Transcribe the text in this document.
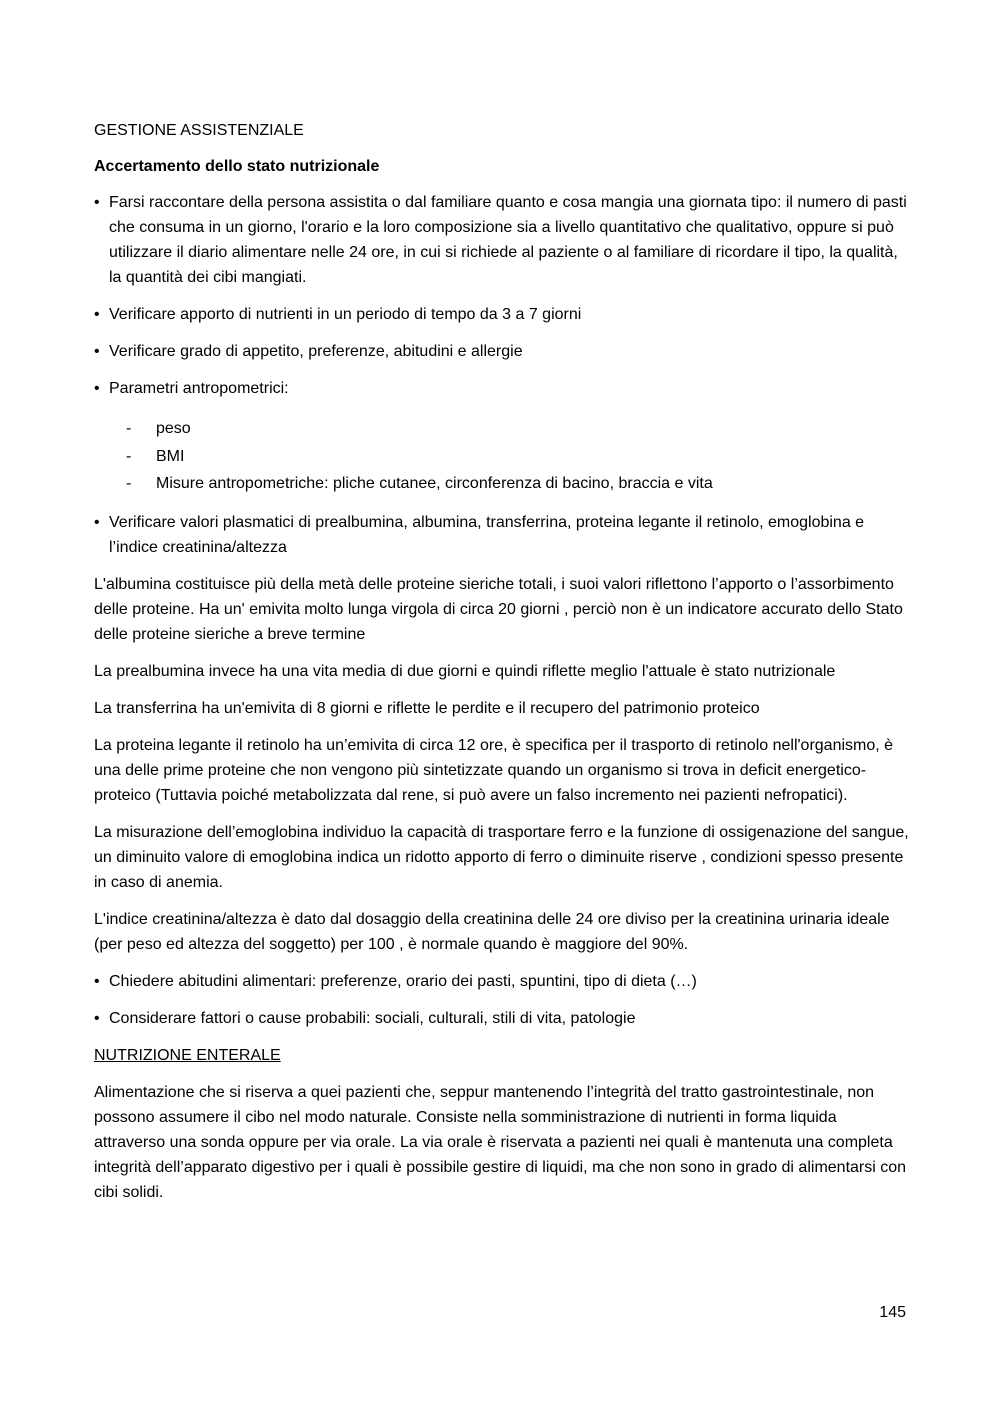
GESTIONE ASSISTENZIALE

Accertamento dello stato nutrizionale

• Farsi raccontare della persona assistita o dal familiare quanto e cosa mangia una giornata tipo: il numero di pasti che consuma in un giorno, l'orario e la loro composizione sia a livello quantitativo che qualitativo, oppure si può utilizzare il diario alimentare nelle 24 ore, in cui si richiede al paziente o al familiare di ricordare il tipo, la qualità, la quantità dei cibi mangiati.

• Verificare apporto di nutrienti in un periodo di tempo da 3 a 7 giorni

• Verificare grado di appetito, preferenze, abitudini e allergie

• Parametri antropometrici:

- peso
- BMI
- Misure antropometriche: pliche cutanee, circonferenza di bacino, braccia e vita

• Verificare valori plasmatici di prealbumina, albumina, transferrina, proteina legante il retinolo, emoglobina e l’indice creatinina/altezza

L'albumina costituisce più della metà delle proteine sieriche totali, i suoi valori riflettono l’apporto o l’assorbimento delle proteine. Ha un' emivita molto lunga virgola di circa 20 giorni , perciò non è un indicatore accurato dello Stato delle proteine sieriche a breve termine

La prealbumina invece ha una vita media di due giorni e quindi riflette meglio l'attuale è stato nutrizionale

La transferrina ha un'emivita di 8 giorni e riflette le perdite e il recupero del patrimonio proteico

La proteina legante il retinolo ha un’emivita di circa 12 ore, è specifica per il trasporto di retinolo nell'organismo, è una delle prime proteine che non vengono più sintetizzate quando un organismo si trova in deficit energetico-proteico (Tuttavia poiché metabolizzata dal rene, si può avere un falso incremento nei pazienti nefropatici).

La misurazione dell’emoglobina individuo la capacità di trasportare ferro e la funzione di ossigenazione del sangue, un diminuito valore di emoglobina indica un ridotto apporto di ferro o diminuite riserve , condizioni spesso presente in caso di anemia.

L'indice creatinina/altezza è dato dal dosaggio della creatinina delle 24 ore diviso per la creatinina urinaria ideale (per peso ed altezza del soggetto) per 100 , è normale quando è maggiore del 90%.

• Chiedere abitudini alimentari: preferenze, orario dei pasti, spuntini, tipo di dieta (…)

• Considerare fattori o cause probabili: sociali, culturali, stili di vita, patologie

NUTRIZIONE ENTERALE

Alimentazione che si riserva a quei pazienti che, seppur mantenendo l’integrità del tratto gastrointestinale, non possono assumere il cibo nel modo naturale. Consiste nella somministrazione di nutrienti in forma liquida attraverso una sonda oppure per via orale. La via orale è riservata a pazienti nei quali è mantenuta una completa integrità dell’apparato digestivo per i quali è possibile gestire di liquidi, ma che non sono in grado di alimentarsi con cibi solidi.

145
